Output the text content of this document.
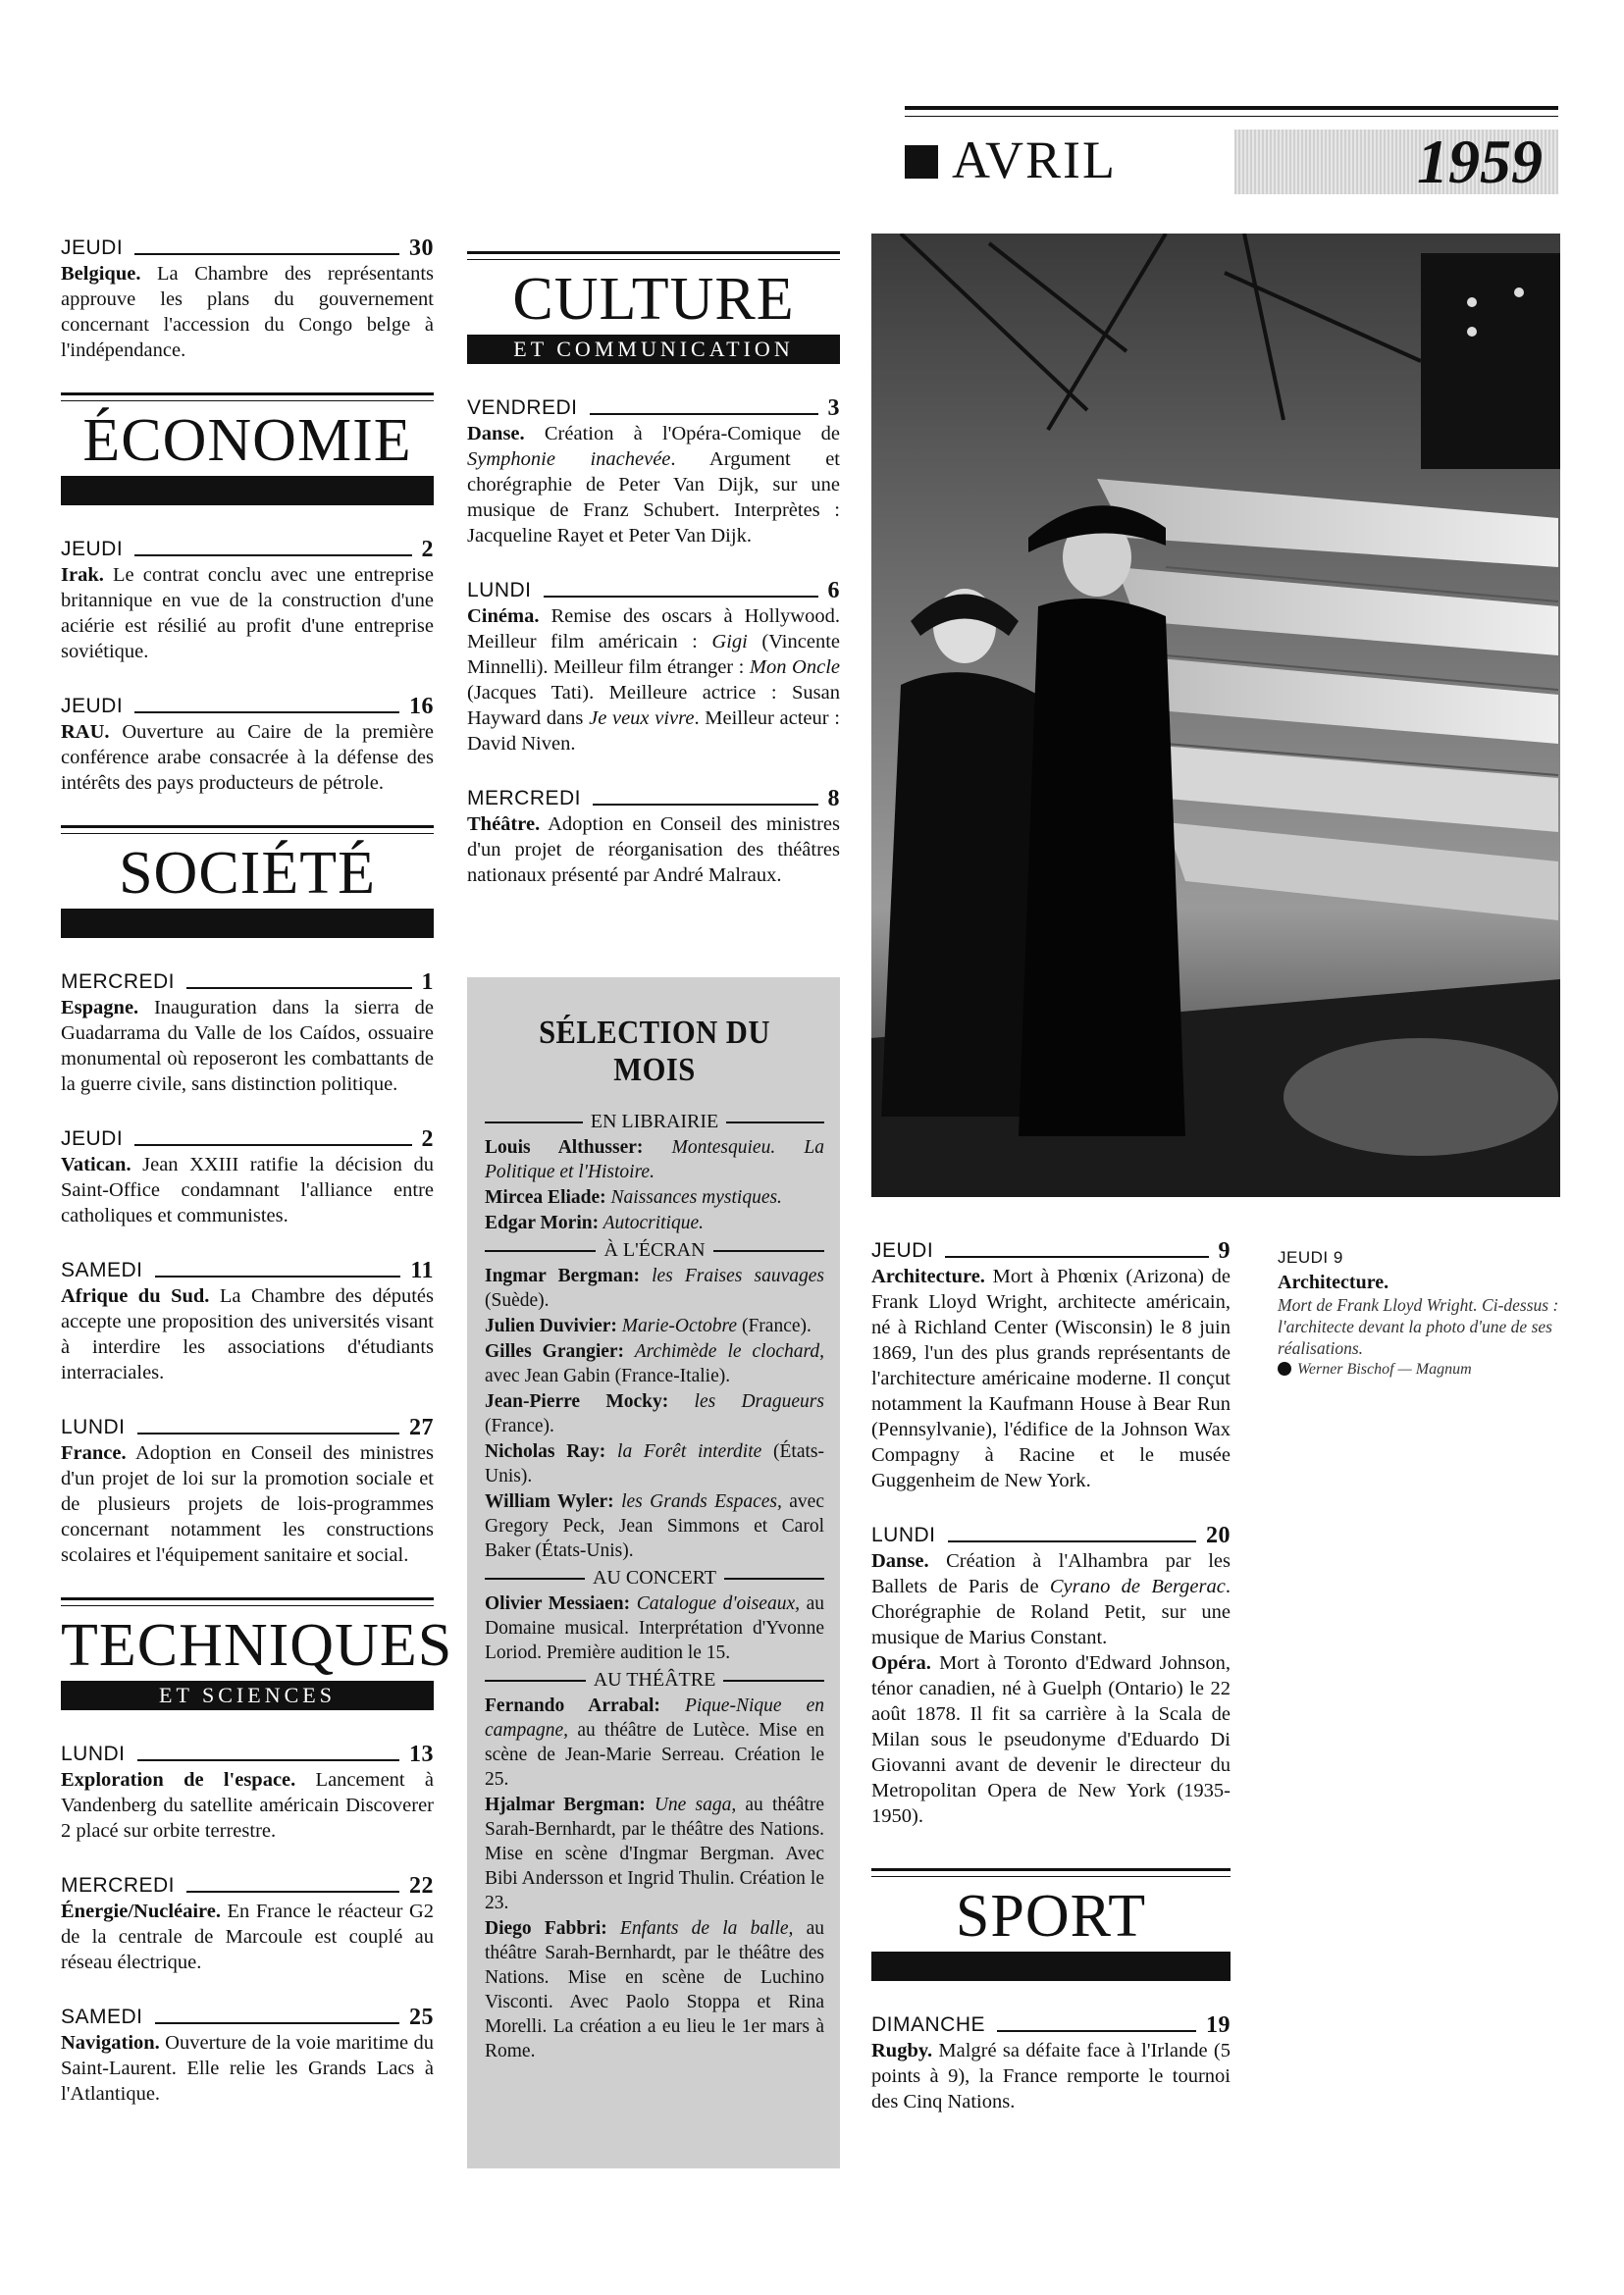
AVRIL	1959
JEUDI	30
Belgique. La Chambre des représentants approuve les plans du gouvernement concernant l'accession du Congo belge à l'indépendance.
ÉCONOMIE
JEUDI	2
Irak. Le contrat conclu avec une entreprise britannique en vue de la construction d'une aciérie est résilié au profit d'une entreprise soviétique.
JEUDI	16
RAU. Ouverture au Caire de la première conférence arabe consacrée à la défense des intérêts des pays producteurs de pétrole.
SOCIÉTÉ
MERCREDI	1
Espagne. Inauguration dans la sierra de Guadarrama du Valle de los Caídos, ossuaire monumental où reposeront les combattants de la guerre civile, sans distinction politique.
JEUDI	2
Vatican. Jean XXIII ratifie la décision du Saint-Office condamnant l'alliance entre catholiques et communistes.
SAMEDI	11
Afrique du Sud. La Chambre des députés accepte une proposition des universités visant à interdire les associations d'étudiants interraciales.
LUNDI	27
France. Adoption en Conseil des ministres d'un projet de loi sur la promotion sociale et de plusieurs projets de lois-programmes concernant notamment les constructions scolaires et l'équipement sanitaire et social.
TECHNIQUES
ET SCIENCES
LUNDI	13
Exploration de l'espace. Lancement à Vandenberg du satellite américain Discoverer 2 placé sur orbite terrestre.
MERCREDI	22
Énergie/Nucléaire. En France le réacteur G2 de la centrale de Marcoule est couplé au réseau électrique.
SAMEDI	25
Navigation. Ouverture de la voie maritime du Saint-Laurent. Elle relie les Grands Lacs à l'Atlantique.
CULTURE
ET COMMUNICATION
VENDREDI	3
Danse. Création à l'Opéra-Comique de Symphonie inachevée. Argument et chorégraphie de Peter Van Dijk, sur une musique de Franz Schubert. Interprètes : Jacqueline Rayet et Peter Van Dijk.
LUNDI	6
Cinéma. Remise des oscars à Hollywood. Meilleur film américain : Gigi (Vincente Minnelli). Meilleur film étranger : Mon Oncle (Jacques Tati). Meilleure actrice : Susan Hayward dans Je veux vivre. Meilleur acteur : David Niven.
MERCREDI	8
Théâtre. Adoption en Conseil des ministres d'un projet de réorganisation des théâtres nationaux présenté par André Malraux.
SÉLECTION DU MOIS
EN LIBRAIRIE
Louis Althusser: Montesquieu. La Politique et l'Histoire.
Mircea Eliade: Naissances mystiques.
Edgar Morin: Autocritique.
À L'ÉCRAN
Ingmar Bergman: les Fraises sauvages (Suède).
Julien Duvivier: Marie-Octobre (France).
Gilles Grangier: Archimède le clochard, avec Jean Gabin (France-Italie).
Jean-Pierre Mocky: les Dragueurs (France).
Nicholas Ray: la Forêt interdite (États-Unis).
William Wyler: les Grands Espaces, avec Gregory Peck, Jean Simmons et Carol Baker (États-Unis).
AU CONCERT
Olivier Messiaen: Catalogue d'oiseaux, au Domaine musical. Interprétation d'Yvonne Loriod. Première audition le 15.
AU THÉÂTRE
Fernando Arrabal: Pique-Nique en campagne, au théâtre de Lutèce. Mise en scène de Jean-Marie Serreau. Création le 25.
Hjalmar Bergman: Une saga, au théâtre Sarah-Bernhardt, par le théâtre des Nations. Mise en scène d'Ingmar Bergman. Avec Bibi Andersson et Ingrid Thulin. Création le 23.
Diego Fabbri: Enfants de la balle, au théâtre Sarah-Bernhardt, par le théâtre des Nations. Mise en scène de Luchino Visconti. Avec Paolo Stoppa et Rina Morelli. La création a eu lieu le 1er mars à Rome.
JEUDI 9
Architecture.
Mort de Frank Lloyd Wright. Ci-dessus : l'architecte devant la photo d'une de ses réalisations.
Werner Bischof — Magnum
JEUDI	9
Architecture. Mort à Phœnix (Arizona) de Frank Lloyd Wright, architecte américain, né à Richland Center (Wisconsin) le 8 juin 1869, l'un des plus grands représentants de l'architecture américaine moderne. Il conçut notamment la Kaufmann House à Bear Run (Pennsylvanie), l'édifice de la Johnson Wax Compagny à Racine et le musée Guggenheim de New York.
LUNDI	20
Danse. Création à l'Alhambra par les Ballets de Paris de Cyrano de Bergerac. Chorégraphie de Roland Petit, sur une musique de Marius Constant.
Opéra. Mort à Toronto d'Edward Johnson, ténor canadien, né à Guelph (Ontario) le 22 août 1878. Il fit sa carrière à la Scala de Milan sous le pseudonyme d'Eduardo Di Giovanni avant de devenir le directeur du Metropolitan Opera de New York (1935-1950).
SPORT
DIMANCHE	19
Rugby. Malgré sa défaite face à l'Irlande (5 points à 9), la France remporte le tournoi des Cinq Nations.
